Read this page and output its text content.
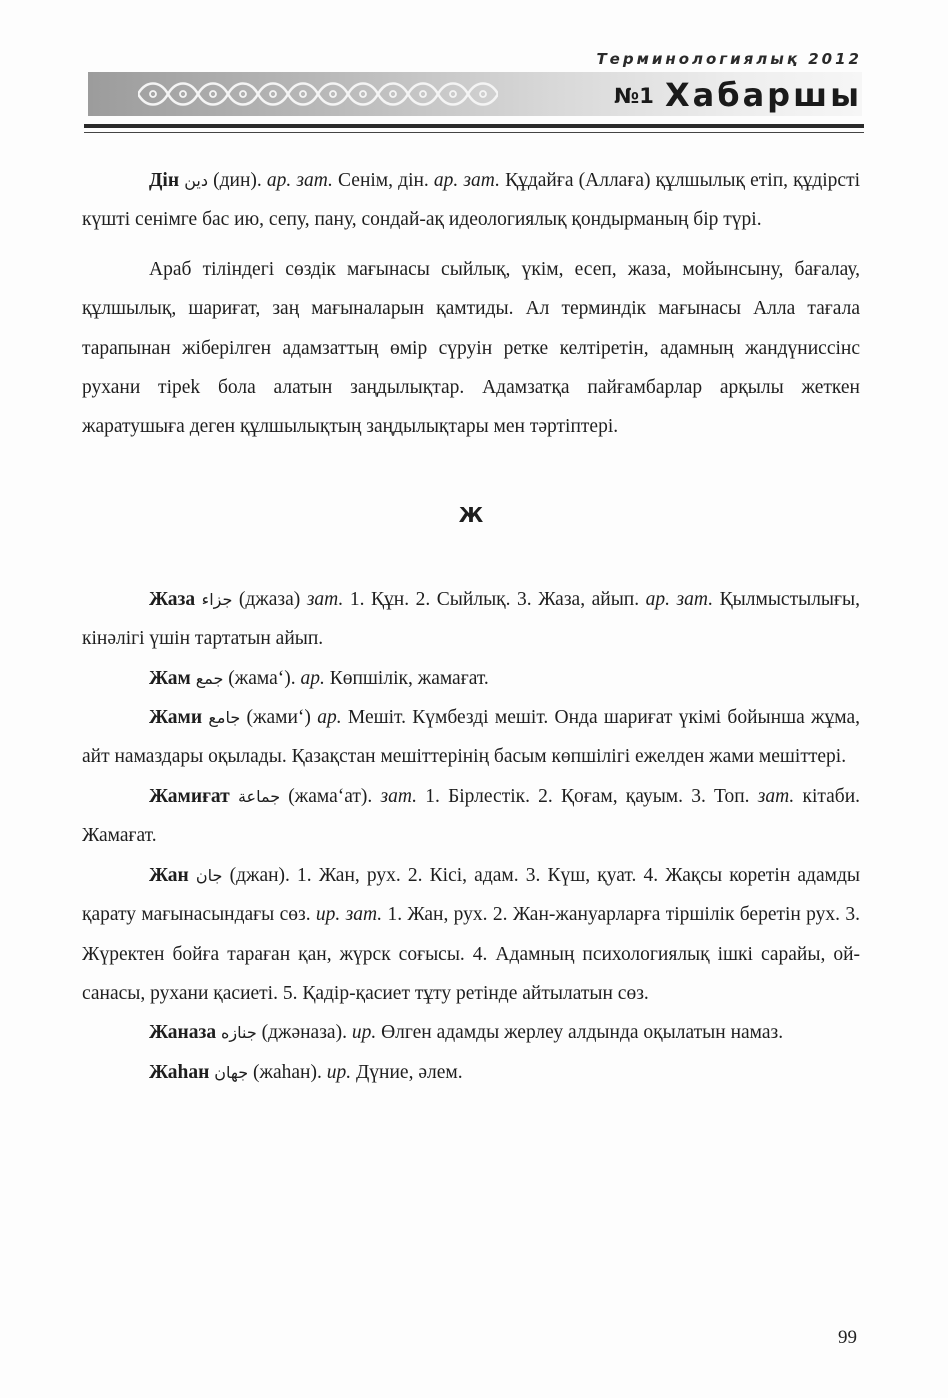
Терминологиялық 2012
№1 Хабаршы

Дін دين (дин). ар. зат. Сенім, дін. ар. зат. Құдайға (Аллаға) құлшылық етіп, құдірсті күшті сенімге бас ию, сепу, пану, сондай-ақ идеологиялық қондырманың бір түрі.

Араб тіліндегі сөздік мағынасы сыйлық, үкім, есеп, жаза, мойынсыну, бағалау, құлшылық, шариғат, заң мағыналарын қамтиды. Ал терминдік мағынасы Алла тағала тарапынан жіберілген адамзаттың өмір сүруін ретке келтіретін, адамның жандүниссінс рухани тіреk бола алатын заңдылықтар. Адамзатқа пайғамбарлар арқылы жеткен жаратушыға деген құлшылықтың заңдылықтары мен тәртіптері.

Ж

Жаза جزاء (джаза) зат. 1. Құн. 2. Сыйлық. 3. Жаза, айып. ар. зат. Қылмыстылығы, кінәлігі үшін тартатын айып.

Жам جمع (жама‘). ар. Көпшілік, жамағат.

Жами جامع (жами‘) ар. Мешіт. Күмбезді мешіт. Онда шариғат үкімі бойынша жұма, айт намаздары оқылады. Қазақстан мешіттерінің басым көпшілігі ежелден жами мешіттері.

Жамиғат جماعة (жама‘ат). зат. 1. Бірлестік. 2. Қоғам, қауым. 3. Топ. зат. кітаби. Жамағат.

Жан جان (джан). 1. Жан, рух. 2. Кісі, адам. 3. Күш, қуат. 4. Жақсы коретін адамды қарату мағынасындағы сөз. ир. зат. 1. Жан, рух. 2. Жан-жануарларға тіршілік беретін рух. 3. Жүректен бойға тараған қан, жүрск соғысы. 4. Адамның психологиялық ішкі сарайы, ой-санасы, рухани қасиеті. 5. Қадір-қасиет тұту ретінде айтылатын сөз.

Жаназа جنازه (джәназа). ир. Өлген адамды жерлеу алдында оқылатын намаз.

Жаһан جهان (жаһан). ир. Дүние, әлем.

99
